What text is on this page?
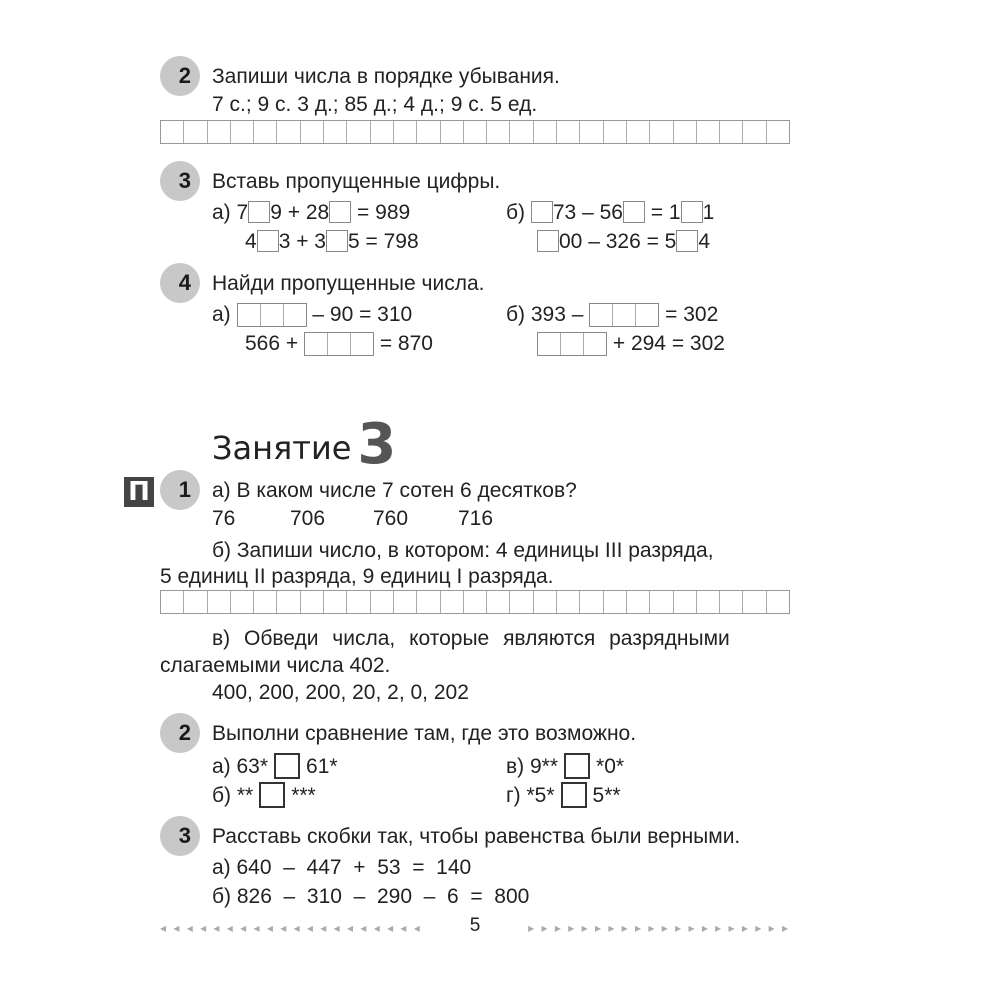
2	Запиши числа в порядке убывания.
7 с.; 9 с. 3 д.; 85 д.; 4 д.; 9 с. 5 ед.
3	Вставь пропущенные цифры.
а) 7 9 + 28 = 989
4 3 + 3 5 = 798
б) 73 – 56 = 1 1
00 – 326 = 5 4
4	Найди пропущенные числа.
а)	– 90 = 310
566 +	= 870
б) 393 –	= 302
+ 294 = 302
Занятие 3
П	1	а) В каком числе 7 сотен 6 десятков?
76	706 760 716
б) Запиши число, в котором: 4 единицы III разряда,
5 единиц II разряда, 9 единиц I разряда.
в) Обведи числа, которые являются разрядными
слагаемыми числа 402.
400, 200, 200, 20, 2, 0, 202
2	Выполни сравнение там, где это возможно.
а) 63* 61*
б) ** ***
в) 9** *0*
г) *5* 5**
3	Расставь скобки так, чтобы равенства были верными.
а) 640  –  447  +  53  =  140
б) 826  –  310  –  290  –  6  =  800
◂ ◂ ◂ ◂ ◂ ◂ ◂ ◂ ◂ ◂ ◂ ◂ ◂ ◂ ◂ ◂ ◂ ◂ ◂ ◂	▸ ▸ ▸ ▸ ▸ ▸ ▸ ▸ ▸ ▸ ▸ ▸ ▸ ▸ ▸ ▸ ▸ ▸ ▸ ▸
5
